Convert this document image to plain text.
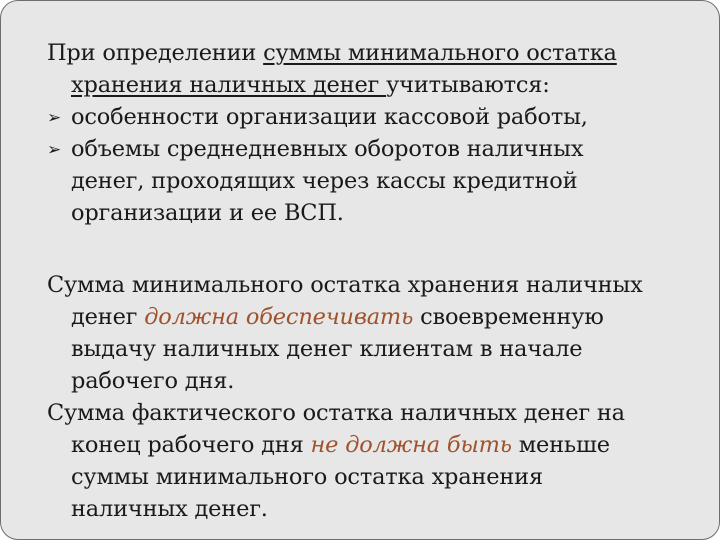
При определении суммы минимального остатка
хранения наличных денег учитываются:
➢ особенности организации кассовой работы,
➢ объемы среднедневных оборотов наличных
денег, проходящих через кассы кредитной
организации и ее ВСП.
Сумма минимального остатка хранения наличных
денег должна обеспечивать своевременную
выдачу наличных денег клиентам в начале
рабочего дня.
Сумма фактического остатка наличных денег на
конец рабочего дня не должна быть меньше
суммы минимального остатка хранения
наличных денег.
